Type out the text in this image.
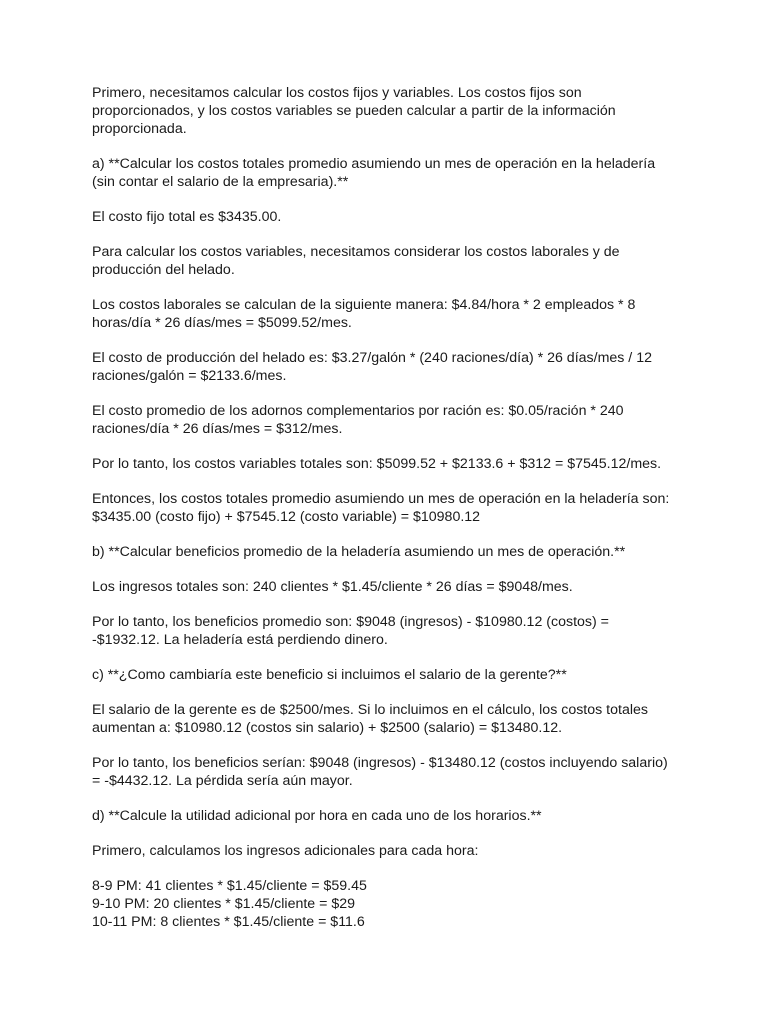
Primero, necesitamos calcular los costos fijos y variables. Los costos fijos son
proporcionados, y los costos variables se pueden calcular a partir de la información
proporcionada.

a) **Calcular los costos totales promedio asumiendo un mes de operación en la heladería
(sin contar el salario de la empresaria).**

El costo fijo total es $3435.00.

Para calcular los costos variables, necesitamos considerar los costos laborales y de
producción del helado.

Los costos laborales se calculan de la siguiente manera: $4.84/hora * 2 empleados * 8
horas/día * 26 días/mes = $5099.52/mes.

El costo de producción del helado es: $3.27/galón * (240 raciones/día) * 26 días/mes / 12
raciones/galón = $2133.6/mes.

El costo promedio de los adornos complementarios por ración es: $0.05/ración * 240
raciones/día * 26 días/mes = $312/mes.

Por lo tanto, los costos variables totales son: $5099.52 + $2133.6 + $312 = $7545.12/mes.

Entonces, los costos totales promedio asumiendo un mes de operación en la heladería son:
$3435.00 (costo fijo) + $7545.12 (costo variable) = $10980.12

b) **Calcular beneficios promedio de la heladería asumiendo un mes de operación.**

Los ingresos totales son: 240 clientes * $1.45/cliente * 26 días = $9048/mes.

Por lo tanto, los beneficios promedio son: $9048 (ingresos) - $10980.12 (costos) =
-$1932.12. La heladería está perdiendo dinero.

c) **¿Como cambiaría este beneficio si incluimos el salario de la gerente?**

El salario de la gerente es de $2500/mes. Si lo incluimos en el cálculo, los costos totales
aumentan a: $10980.12 (costos sin salario) + $2500 (salario) = $13480.12.

Por lo tanto, los beneficios serían: $9048 (ingresos) - $13480.12 (costos incluyendo salario)
= -$4432.12. La pérdida sería aún mayor.

d) **Calcule la utilidad adicional por hora en cada uno de los horarios.**

Primero, calculamos los ingresos adicionales para cada hora:

8-9 PM: 41 clientes * $1.45/cliente = $59.45
9-10 PM: 20 clientes * $1.45/cliente = $29
10-11 PM: 8 clientes * $1.45/cliente = $11.6
